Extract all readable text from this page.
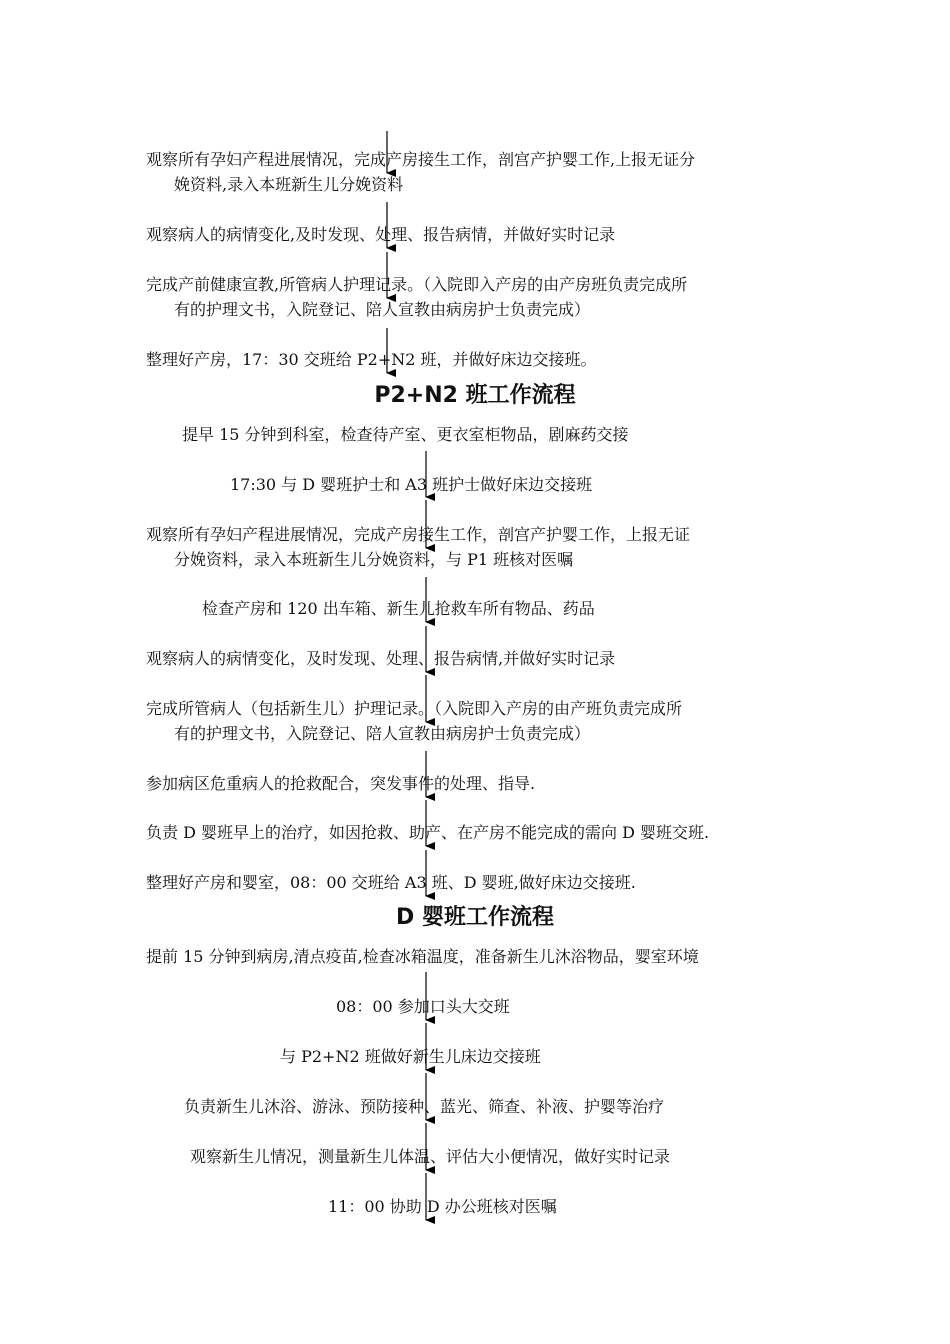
观察所有孕妇产程进展情况，完成产房接生工作，剖宫产护婴工作,上报无证分

娩资料,录入本班新生儿分娩资料

观察病人的病情变化,及时发现、处理、报告病情，并做好实时记录

完成产前健康宣教,所管病人护理记录。（入院即入产房的由产房班负责完成所

有的护理文书，入院登记、陪人宣教由病房护士负责完成）

整理好产房，17：30 交班给 P2+N2 班，并做好床边交接班。

P2+N2 班工作流程

提早 15 分钟到科室，检查待产室、更衣室柜物品，剧麻药交接

17:30 与 D 婴班护士和 A3 班护士做好床边交接班

观察所有孕妇产程进展情况，完成产房接生工作，剖宫产护婴工作，上报无证

分娩资料，录入本班新生儿分娩资料，与 P1 班核对医嘱

检查产房和 120 出车箱、新生儿抢救车所有物品、药品

观察病人的病情变化，及时发现、处理、报告病情,并做好实时记录

完成所管病人（包括新生儿）护理记录。（入院即入产房的由产班负责完成所

有的护理文书，入院登记、陪人宣教由病房护士负责完成）

参加病区危重病人的抢救配合，突发事件的处理、指导.

负责 D 婴班早上的治疗，如因抢救、助产、在产房不能完成的需向 D 婴班交班.

整理好产房和婴室，08：00 交班给 A3 班、D 婴班,做好床边交接班.

D 婴班工作流程

提前 15 分钟到病房,清点疫苗,检查冰箱温度，准备新生儿沐浴物品，婴室环境

08：00 参加口头大交班

与 P2+N2 班做好新生儿床边交接班

负责新生儿沐浴、游泳、预防接种、蓝光、筛查、补液、护婴等治疗

观察新生儿情况，测量新生儿体温、评估大小便情况，做好实时记录

11：00 协助 D 办公班核对医嘱
